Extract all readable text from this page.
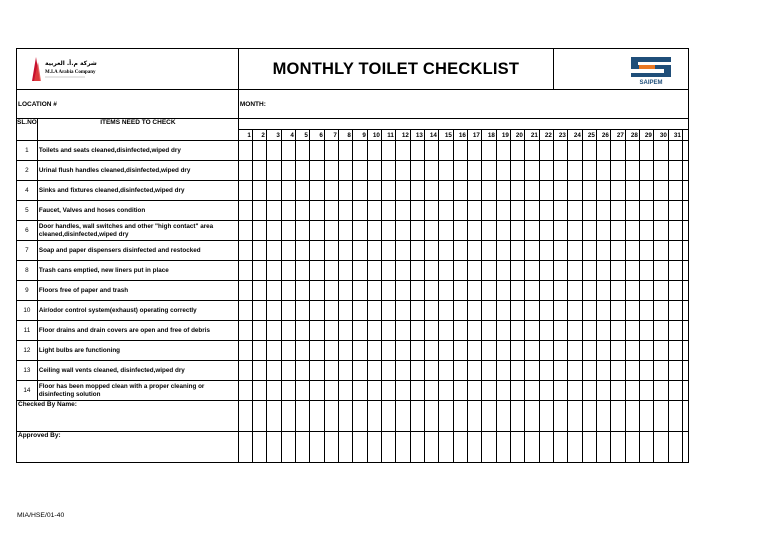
شركة م.أ. العربية
M.I.A Arabia Company		MONTHLY TOILET CHECKLIST																						SAIPEM									

LOCATION #		MONTH:																															
SL.NO	ITEMS NEED TO CHECK																																
		1	2	3	4	5	6	7	8	9	10	11	12	13	14	15	16	17	18	19	20	21	22	23	24	25	26	27	28	29	30	31	
1	Toilets and seats cleaned,disinfected,wiped dry																																
2	Urinal flush handles cleaned,disinfected,wiped dry																																
4	Sinks and fixtures cleaned,disinfected,wiped dry																																
5	Faucet, Valves and hoses condition																																
6	Door handles, wall switches and other "high contact" area cleaned,disinfected,wiped dry																																
7	Soap and paper dispensers disinfected and restocked																																
8	Trash cans emptied, new liners put in place																																
9	Floors free of paper and trash																																
10	Air/odor control system(exhaust) operating correctly																																
11	Floor drains and drain covers are open and free of debris																																
12	Light bulbs are functioning																																
13	Ceiling wall vents cleaned, disinfected,wiped dry																																
14	Floor has been mopped clean with a proper cleaning or disinfecting solution																																
Checked By Name:																																	
Approved By:																																	
MIA/HSE/01-40
